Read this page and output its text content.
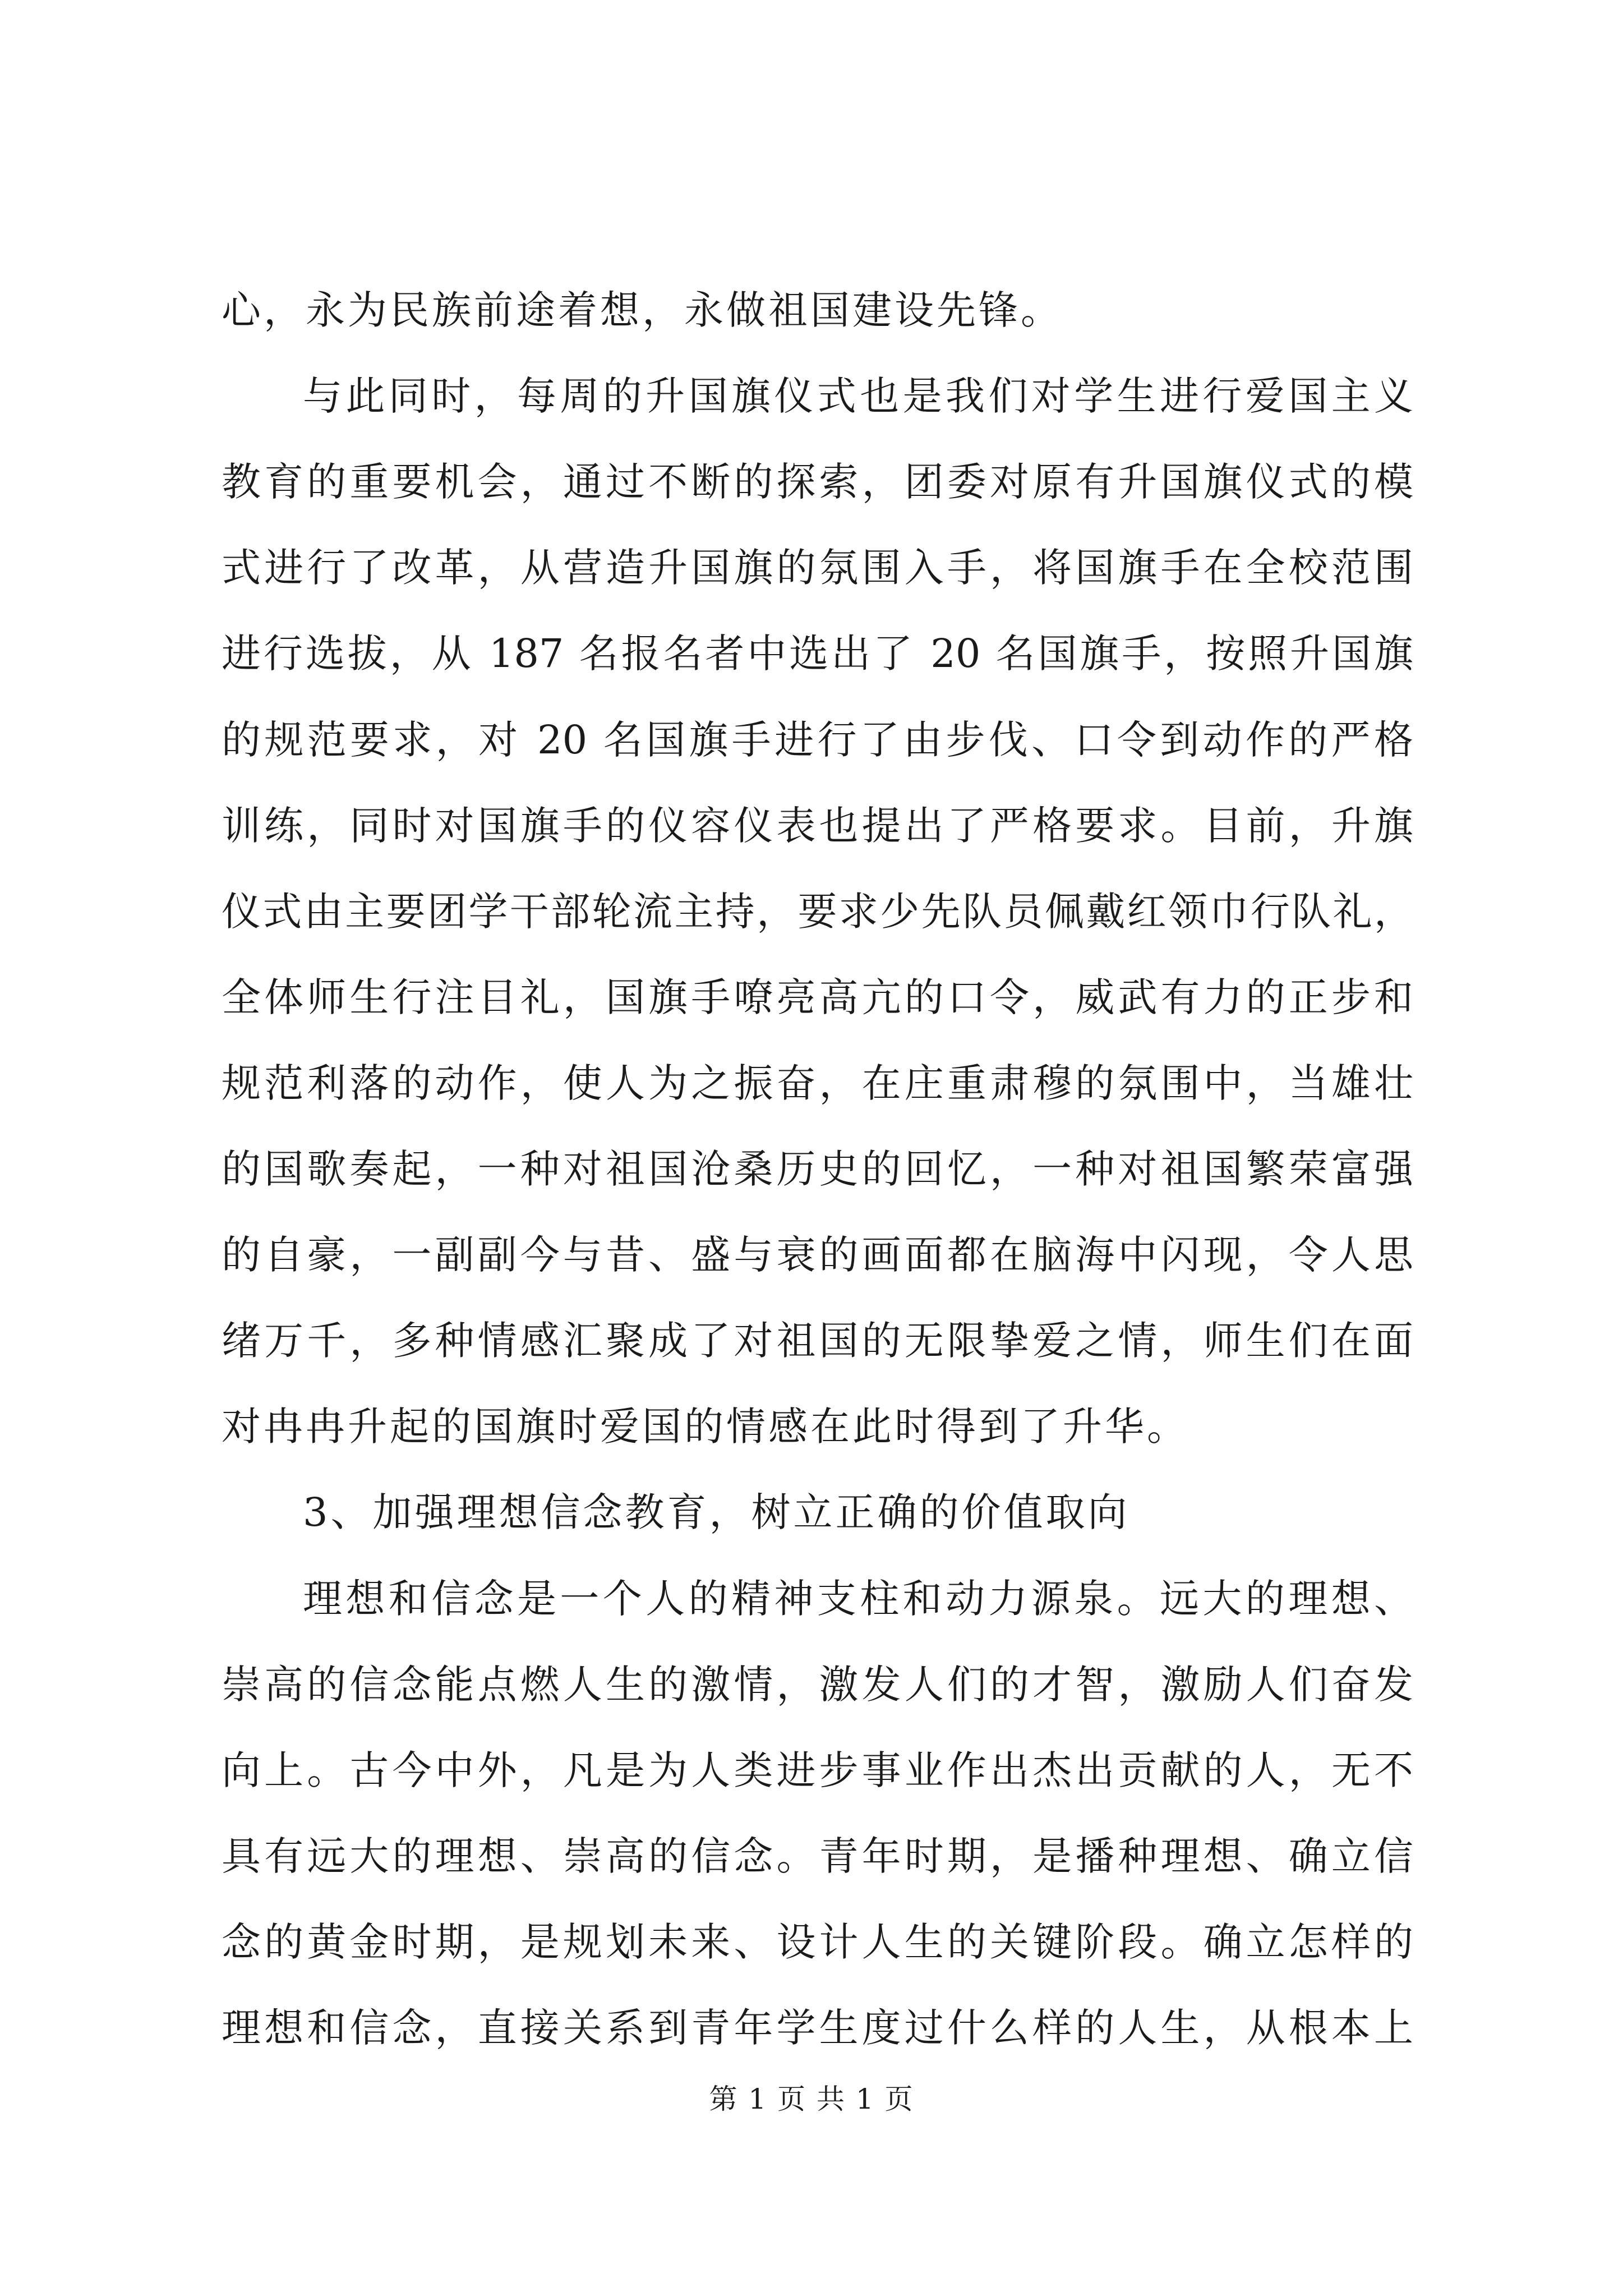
心，永为民族前途着想，永做祖国建设先锋。
与此同时，每周的升国旗仪式也是我们对学生进行爱国主义
教育的重要机会，通过不断的探索，团委对原有升国旗仪式的模
式进行了改革，从营造升国旗的氛围入手，将国旗手在全校范围
进行选拔，从 187 名报名者中选出了 20 名国旗手，按照升国旗
的规范要求，对 20 名国旗手进行了由步伐、口令到动作的严格
训练，同时对国旗手的仪容仪表也提出了严格要求。目前，升旗
仪式由主要团学干部轮流主持，要求少先队员佩戴红领巾行队礼，
全体师生行注目礼，国旗手嘹亮高亢的口令，威武有力的正步和
规范利落的动作，使人为之振奋，在庄重肃穆的氛围中，当雄壮
的国歌奏起，一种对祖国沧桑历史的回忆，一种对祖国繁荣富强
的自豪，一副副今与昔、盛与衰的画面都在脑海中闪现，令人思
绪万千，多种情感汇聚成了对祖国的无限挚爱之情，师生们在面
对冉冉升起的国旗时爱国的情感在此时得到了升华。
3、加强理想信念教育，树立正确的价值取向
理想和信念是一个人的精神支柱和动力源泉。远大的理想、
崇高的信念能点燃人生的激情，激发人们的才智，激励人们奋发
向上。古今中外，凡是为人类进步事业作出杰出贡献的人，无不
具有远大的理想、崇高的信念。青年时期，是播种理想、确立信
念的黄金时期，是规划未来、设计人生的关键阶段。确立怎样的
理想和信念，直接关系到青年学生度过什么样的人生，从根本上
第 1 页 共 1 页
